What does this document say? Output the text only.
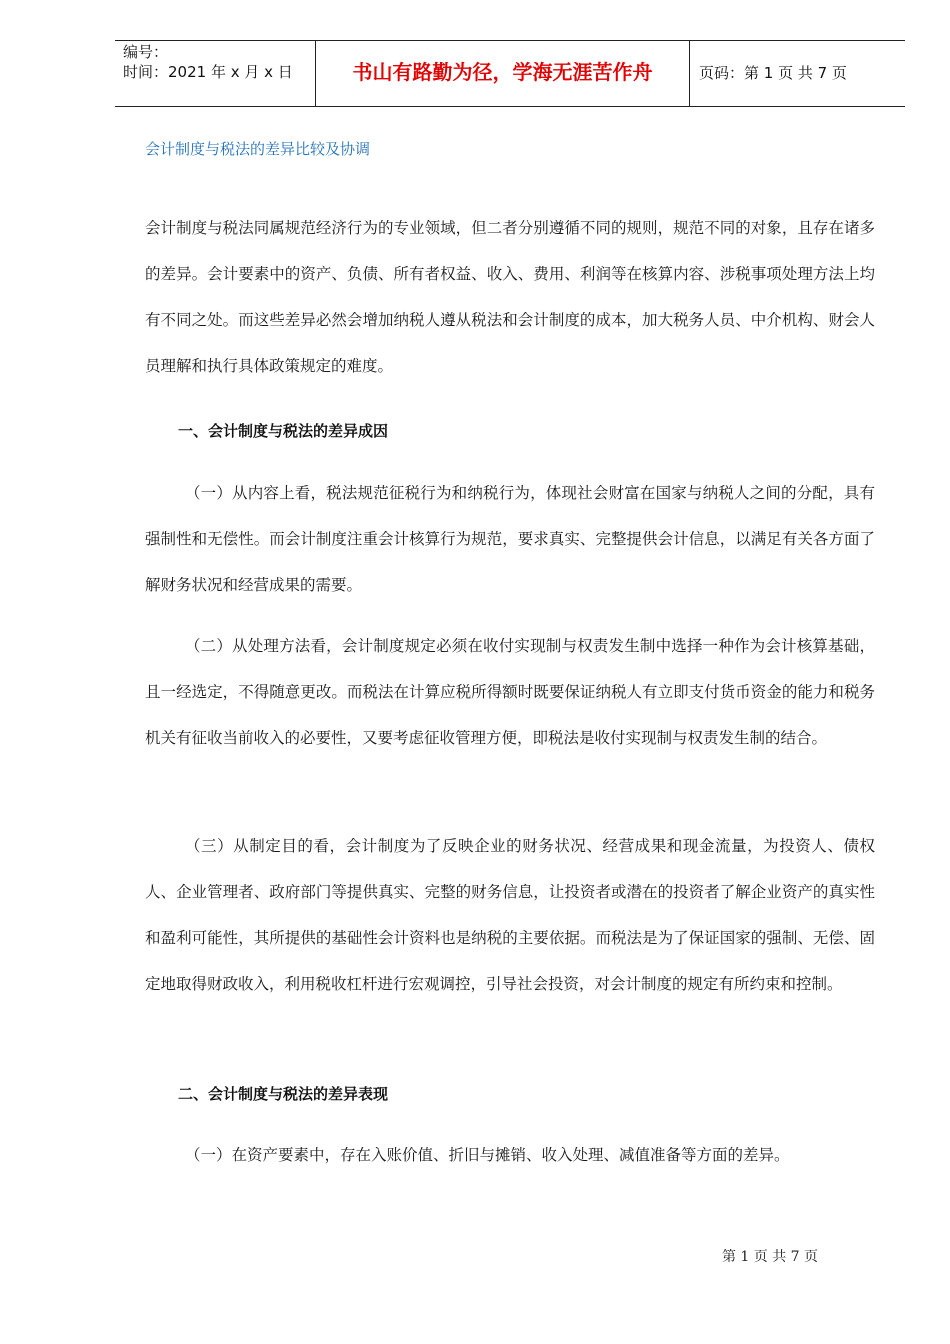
编号：
时间：2021 年 x 月 x 日	书山有路勤为径，学海无涯苦作舟	页码：第 1 页 共 7 页
会计制度与税法的差异比较及协调
会计制度与税法同属规范经济行为的专业领域，但二者分别遵循不同的规则，规范不同的对象，且存在诸多的差异。会计要素中的资产、负债、所有者权益、收入、费用、利润等在核算内容、涉税事项处理方法上均有不同之处。而这些差异必然会增加纳税人遵从税法和会计制度的成本，加大税务人员、中介机构、财会人员理解和执行具体政策规定的难度。
一、会计制度与税法的差异成因
（一）从内容上看，税法规范征税行为和纳税行为，体现社会财富在国家与纳税人之间的分配，具有强制性和无偿性。而会计制度注重会计核算行为规范，要求真实、完整提供会计信息，以满足有关各方面了解财务状况和经营成果的需要。
（二）从处理方法看，会计制度规定必须在收付实现制与权责发生制中选择一种作为会计核算基础，且一经选定，不得随意更改。而税法在计算应税所得额时既要保证纳税人有立即支付货币资金的能力和税务机关有征收当前收入的必要性，又要考虑征收管理方便，即税法是收付实现制与权责发生制的结合。
（三）从制定目的看，会计制度为了反映企业的财务状况、经营成果和现金流量，为投资人、债权人、企业管理者、政府部门等提供真实、完整的财务信息，让投资者或潜在的投资者了解企业资产的真实性和盈利可能性，其所提供的基础性会计资料也是纳税的主要依据。而税法是为了保证国家的强制、无偿、固定地取得财政收入，利用税收杠杆进行宏观调控，引导社会投资，对会计制度的规定有所约束和控制。
二、会计制度与税法的差异表现
（一）在资产要素中，存在入账价值、折旧与摊销、收入处理、减值准备等方面的差异。
第 1 页 共 7 页
